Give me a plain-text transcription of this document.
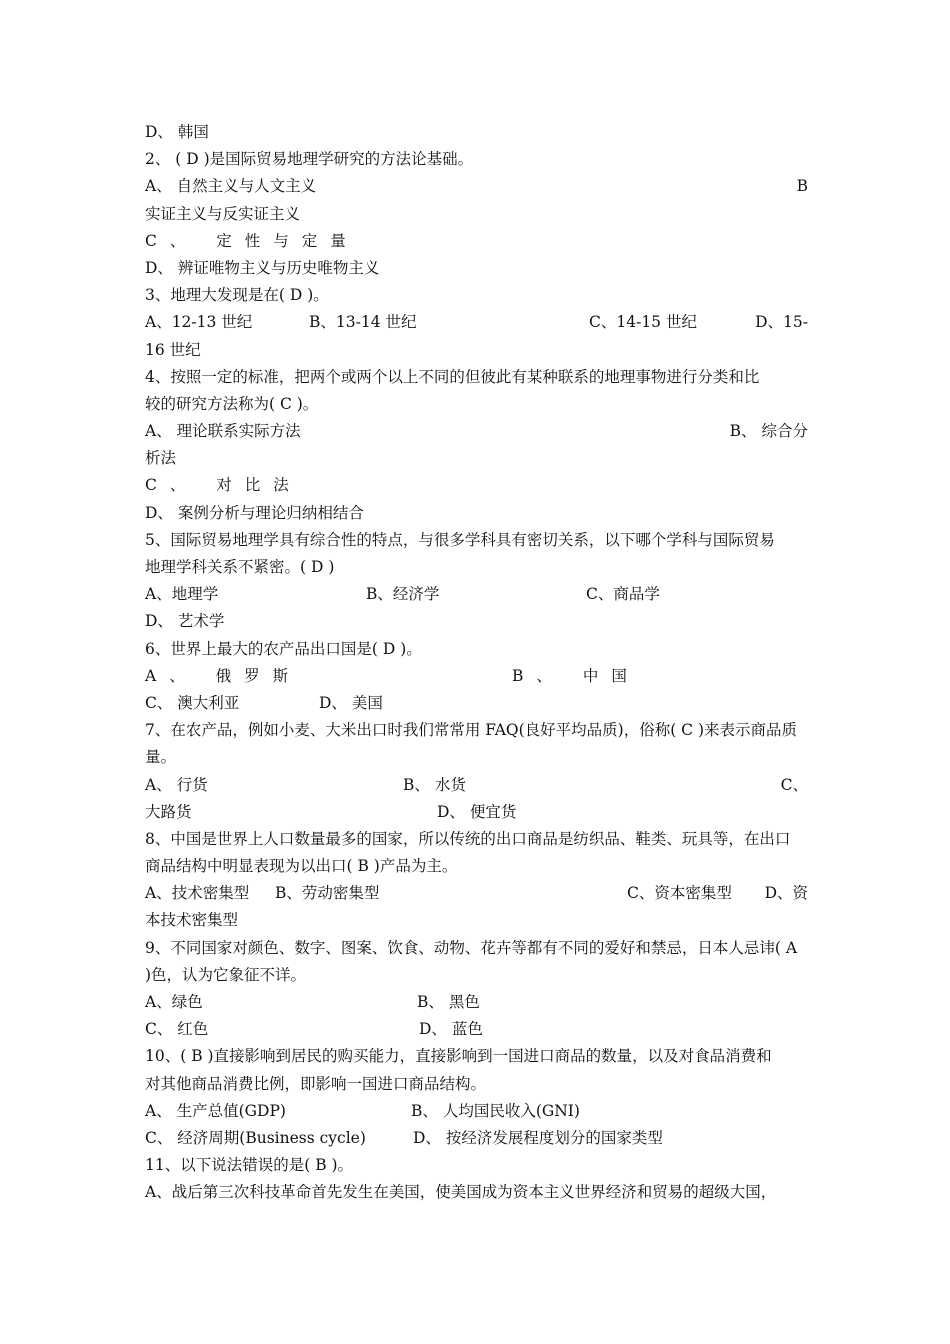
D、 韩国
2、 ( D )是国际贸易地理学研究的方法论基础。
A、 自然主义与人文主义	B
实证主义与反实证主义
C、 定性与定量
D、 辨证唯物主义与历史唯物主义
3、地理大发现是在( D )。
A、12-13 世纪	B、13-14 世纪	C、14-15 世纪	D、15-
16 世纪
4、按照一定的标准，把两个或两个以上不同的但彼此有某种联系的地理事物进行分类和比
较的研究方法称为( C )。
A、 理论联系实际方法	B、 综合分
析法
C、 对比法
D、 案例分析与理论归纳相结合
5、国际贸易地理学具有综合性的特点，与很多学科具有密切关系，以下哪个学科与国际贸易
地理学科关系不紧密。( D )
A、地理学	B、经济学	C、商品学
D、 艺术学
6、世界上最大的农产品出口国是( D )。
A、 俄罗斯	B、 中国
C、 澳大利亚	D、 美国
7、在农产品，例如小麦、大米出口时我们常常用 FAQ(良好平均品质)，俗称( C )来表示商品质
量。
A、 行货	B、 水货	C、
大路货	D、 便宜货
8、中国是世界上人口数量最多的国家，所以传统的出口商品是纺织品、鞋类、玩具等，在出口
商品结构中明显表现为以出口( B )产品为主。
A、技术密集型 B、劳动密集型	C、资本密集型 D、资
本技术密集型
9、不同国家对颜色、数字、图案、饮食、动物、花卉等都有不同的爱好和禁忌，日本人忌讳( A
)色，认为它象征不详。
A、绿色	B、 黑色
C、 红色	D、 蓝色
10、( B )直接影响到居民的购买能力，直接影响到一国进口商品的数量，以及对食品消费和
对其他商品消费比例，即影响一国进口商品结构。
A、 生产总值(GDP)	B、 人均国民收入(GNI)
C、 经济周期(Business cycle)	D、 按经济发展程度划分的国家类型
11、以下说法错误的是( B )。
A、战后第三次科技革命首先发生在美国，使美国成为资本主义世界经济和贸易的超级大国，
